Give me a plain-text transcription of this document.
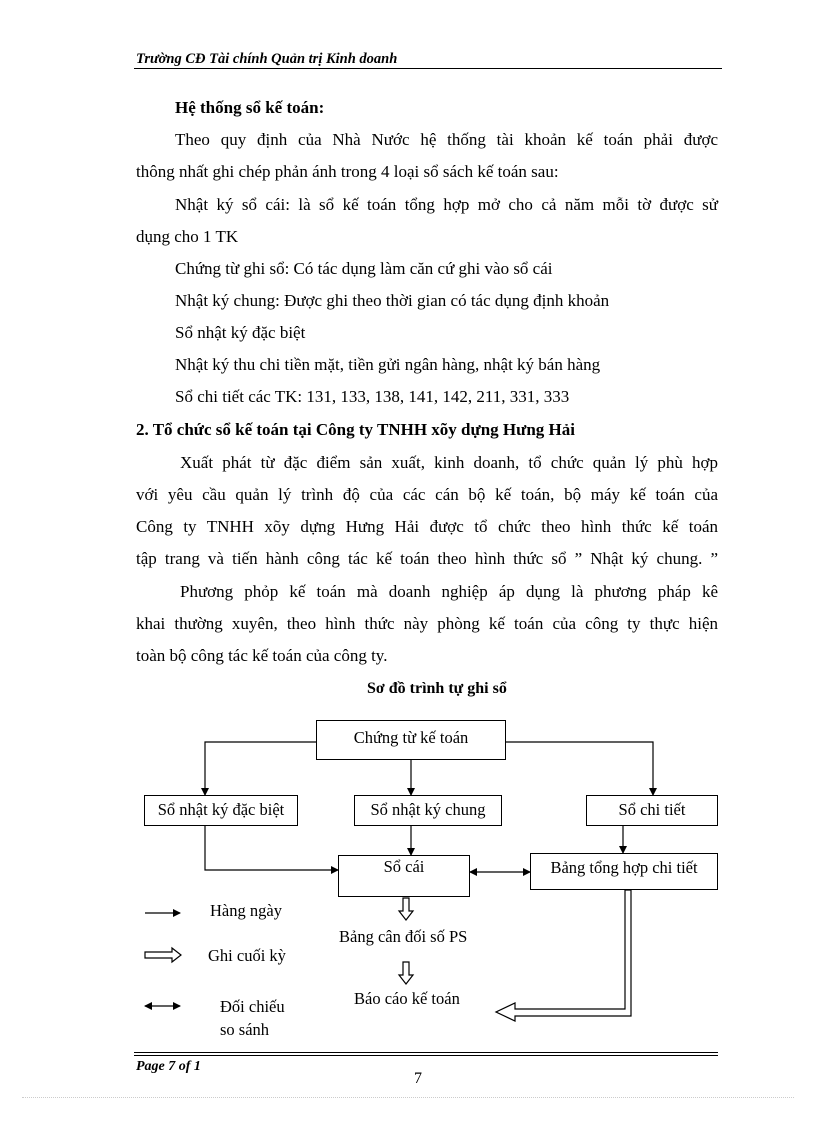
Trường CĐ Tài chính Quản trị Kinh doanh
Hệ thống sổ kế toán:
Theo quy định của Nhà Nước hệ thống tài khoản kế toán phải được
thông nhất ghi chép phản ánh trong 4 loại sổ sách kế toán sau:
Nhật ký sổ cái: là sổ kế toán tổng hợp mở cho cả năm mỗi tờ được sử
dụng cho 1 TK
Chứng từ ghi sổ: Có tác dụng làm căn cứ ghi vào sổ cái
Nhật ký chung: Được ghi theo thời gian có tác dụng định khoản
Sổ nhật ký đặc biệt
Nhật ký thu chi tiền mặt, tiền gửi ngân hàng, nhật ký bán hàng
Sổ chi tiết các TK: 131, 133, 138, 141, 142, 211, 331, 333
2. Tổ chức sổ kế toán tại Công ty TNHH xõy dựng Hưng Hải
Xuất phát từ đặc điểm sản xuất, kinh doanh, tổ chức quản lý phù hợp
với yêu cầu quản lý trình độ của các cán bộ kế toán, bộ máy kế toán của
Công ty TNHH xõy dựng Hưng Hải được tổ chức theo hình thức kế toán
tập trang và tiến hành công tác kế toán theo hình thức sổ ” Nhật ký chung. ”
Phương phỏp kế toán mà doanh nghiệp áp dụng là phương pháp kê
khai thường xuyên, theo hình thức này phòng kế toán của công ty thực hiện
toàn bộ công tác kế toán của công ty.
Sơ đồ trình tự ghi sổ
Chứng từ kế toán
Sổ nhật ký đặc biệt	Sổ nhật ký chung	Sổ chi tiết
Sổ cái	Bảng tổng hợp chi tiết
Bảng cân đối số PS
Báo cáo kế toán
Hàng ngày
Ghi cuối kỳ
Đối chiếu
so sánh
Page 7 of 1
7
